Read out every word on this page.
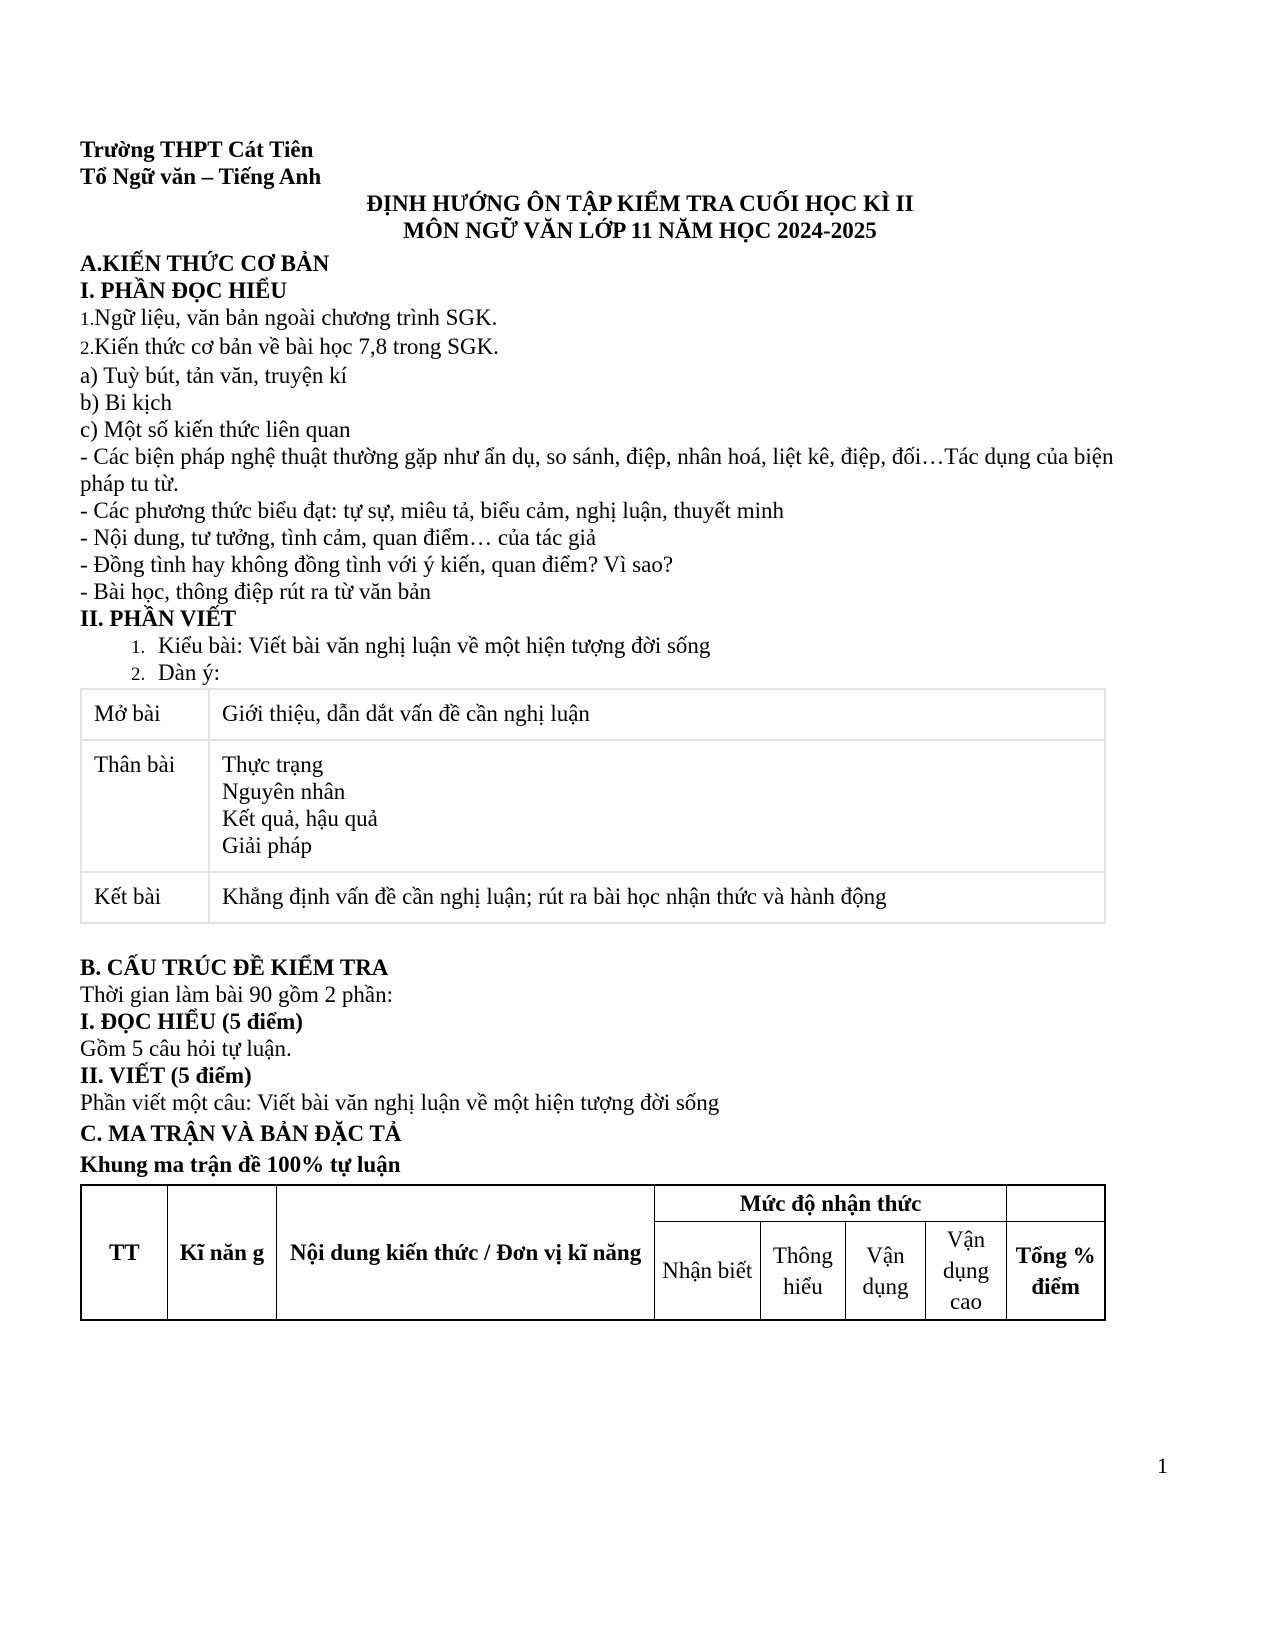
Trường THPT Cát Tiên
Tổ Ngữ văn – Tiếng Anh
ĐỊNH HƯỚNG ÔN TẬP KIỂM TRA CUỐI HỌC KÌ II
MÔN NGỮ VĂN LỚP 11 NĂM HỌC 2024-2025
A.KIẾN THỨC CƠ BẢN
I. PHẦN ĐỌC HIỂU
1.Ngữ liệu, văn bản ngoài chương trình SGK.
2.Kiến thức cơ bản về bài học 7,8 trong SGK.
a) Tuỳ bút, tản văn, truyện kí
b) Bi kịch
c) Một số kiến thức liên quan
- Các biện pháp nghệ thuật thường gặp như ẩn dụ, so sánh, điệp, nhân hoá, liệt kê, điệp, đối…Tác dụng của biện pháp tu từ.
- Các phương thức biểu đạt: tự sự, miêu tả, biểu cảm, nghị luận, thuyết minh
- Nội dung, tư tưởng, tình cảm, quan điểm… của tác giả
- Đồng tình hay không đồng tình với ý kiến, quan điểm? Vì sao?
- Bài học, thông điệp rút ra từ văn bản
II. PHẦN VIẾT
1. Kiểu bài: Viết bài văn nghị luận về một hiện tượng đời sống
2. Dàn ý:
Mở bài	Giới thiệu, dẫn dắt vấn đề cần nghị luận
Thân bài	Thực trạng
Nguyên nhân
Kết quả, hậu quả
Giải pháp

Kết bài	Khẳng định vấn đề cần nghị luận; rút ra bài học nhận thức và hành động
B. CẤU TRÚC ĐỀ KIỂM TRA
Thời gian làm bài 90 gồm 2 phần:
I. ĐỌC HIỂU (5 điểm)
Gồm 5 câu hỏi tự luận.
II. VIẾT (5 điểm)
Phần viết một câu: Viết bài văn nghị luận về một hiện tượng đời sống
C. MA TRẬN VÀ BẢN ĐẶC TẢ
Khung ma trận đề 100% tự luận
TT	Kĩ năn g	Nội dung kiến thức / Đơn vị kĩ năng	Mức độ nhận thức				
			Nhận biết	Thông hiểu	Vận dụng	Vận dụng cao	Tổng % điểm
1
